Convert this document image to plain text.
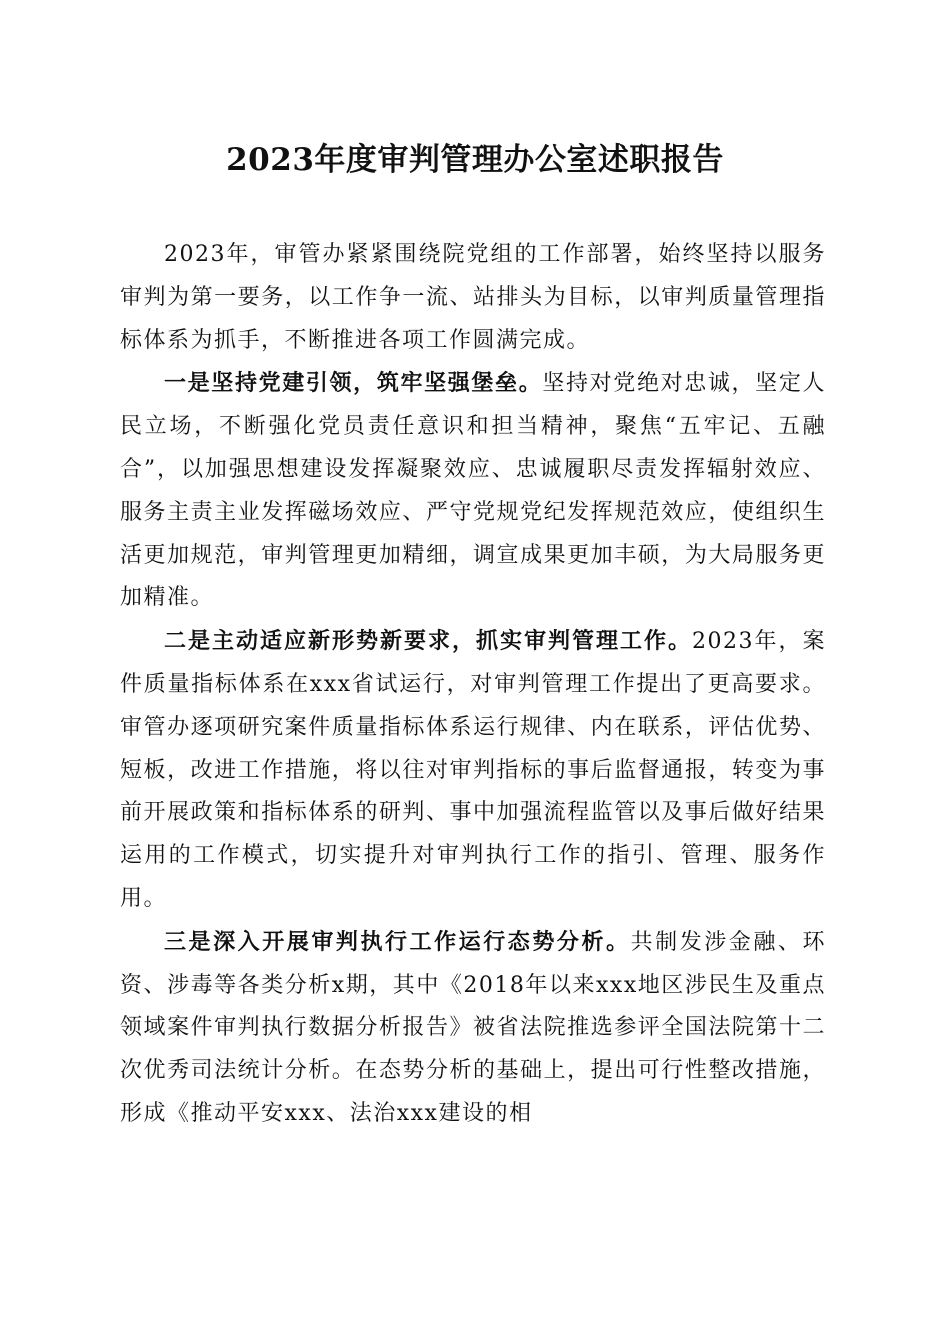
2023年度审判管理办公室述职报告

2023年，审管办紧紧围绕院党组的工作部署，始终坚持以服务审判为第一要务，以工作争一流、站排头为目标，以审判质量管理指标体系为抓手，不断推进各项工作圆满完成。

一是坚持党建引领，筑牢坚强堡垒。坚持对党绝对忠诚，坚定人民立场，不断强化党员责任意识和担当精神，聚焦“五牢记、五融合”，以加强思想建设发挥凝聚效应、忠诚履职尽责发挥辐射效应、服务主责主业发挥磁场效应、严守党规党纪发挥规范效应，使组织生活更加规范，审判管理更加精细，调宣成果更加丰硕，为大局服务更加精准。

二是主动适应新形势新要求，抓实审判管理工作。2023年，案件质量指标体系在xxx省试运行，对审判管理工作提出了更高要求。审管办逐项研究案件质量指标体系运行规律、内在联系，评估优势、短板，改进工作措施，将以往对审判指标的事后监督通报，转变为事前开展政策和指标体系的研判、事中加强流程监管以及事后做好结果运用的工作模式，切实提升对审判执行工作的指引、管理、服务作用。

三是深入开展审判执行工作运行态势分析。共制发涉金融、环资、涉毒等各类分析x期，其中《2018年以来xxx地区涉民生及重点领域案件审判执行数据分析报告》被省法院推选参评全国法院第十二次优秀司法统计分析。在态势分析的基础上，提出可行性整改措施，形成《推动平安xxx、法治xxx建设的相
